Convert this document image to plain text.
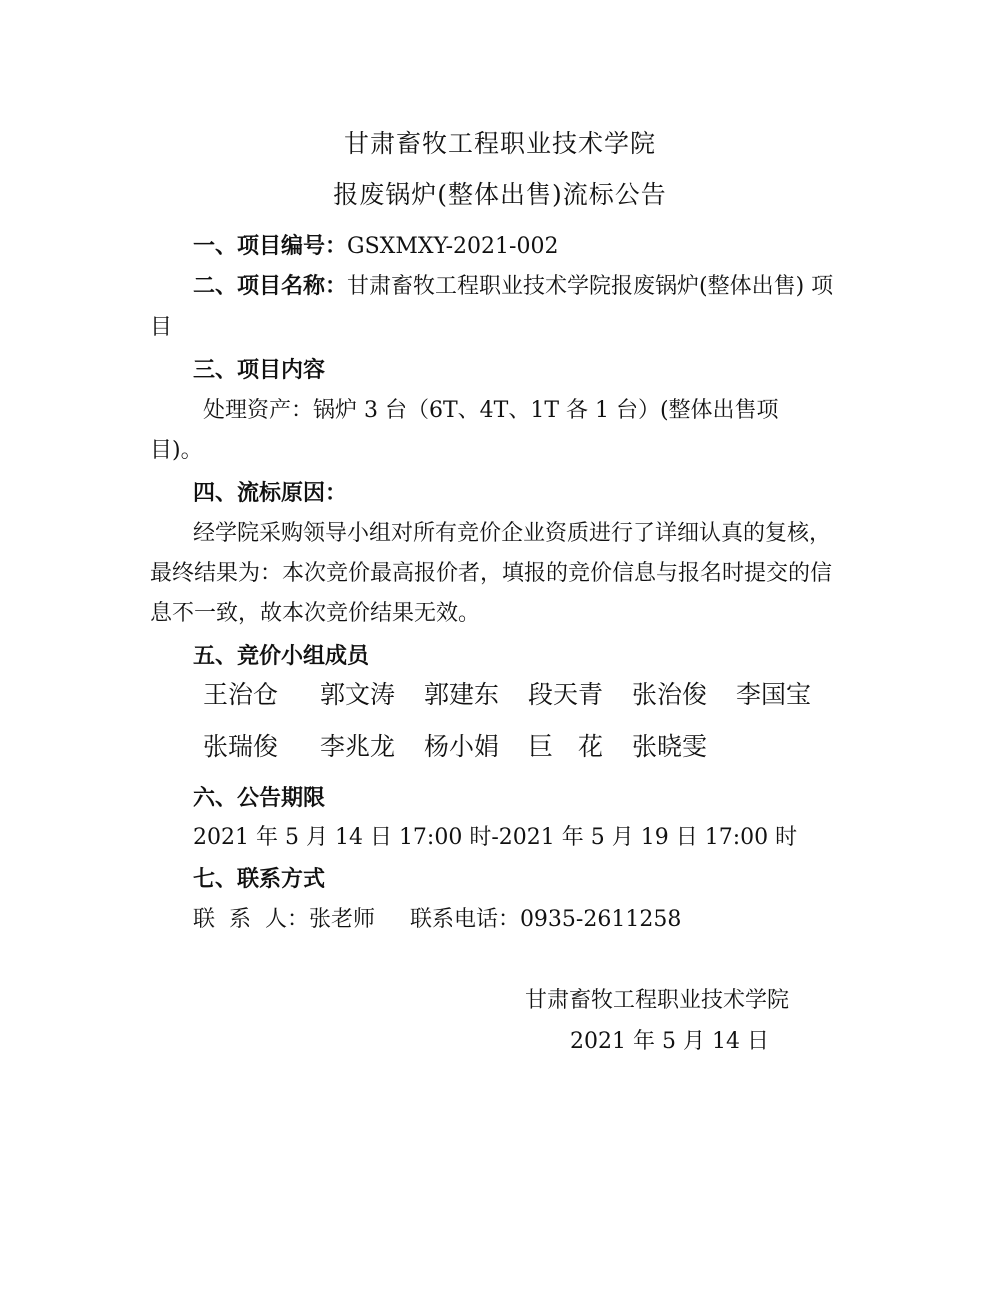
甘肃畜牧工程职业技术学院
报废锅炉(整体出售)流标公告
一、项目编号：GSXMXY-2021-002
二、项目名称：甘肃畜牧工程职业技术学院报废锅炉(整体出售) 项
目
三、项目内容
处理资产：锅炉 3 台（6T、4T、1T 各 1 台）(整体出售项
目)。
四、流标原因：
经学院采购领导小组对所有竞价企业资质进行了详细认真的复核，
最终结果为：本次竞价最高报价者，填报的竞价信息与报名时提交的信
息不一致，故本次竞价结果无效。
五、竞价小组成员
王治仓 郭文涛 郭建东 段天青 张治俊 李国宝
张瑞俊 李兆龙 杨小娟 巨　花 张晓雯
六、公告期限
2021 年 5 月 14 日 17:00 时-2021 年 5 月 19 日 17:00 时
七、联系方式
联  系  人：张老师     联系电话：0935-2611258
甘肃畜牧工程职业技术学院
2021 年 5 月 14 日
